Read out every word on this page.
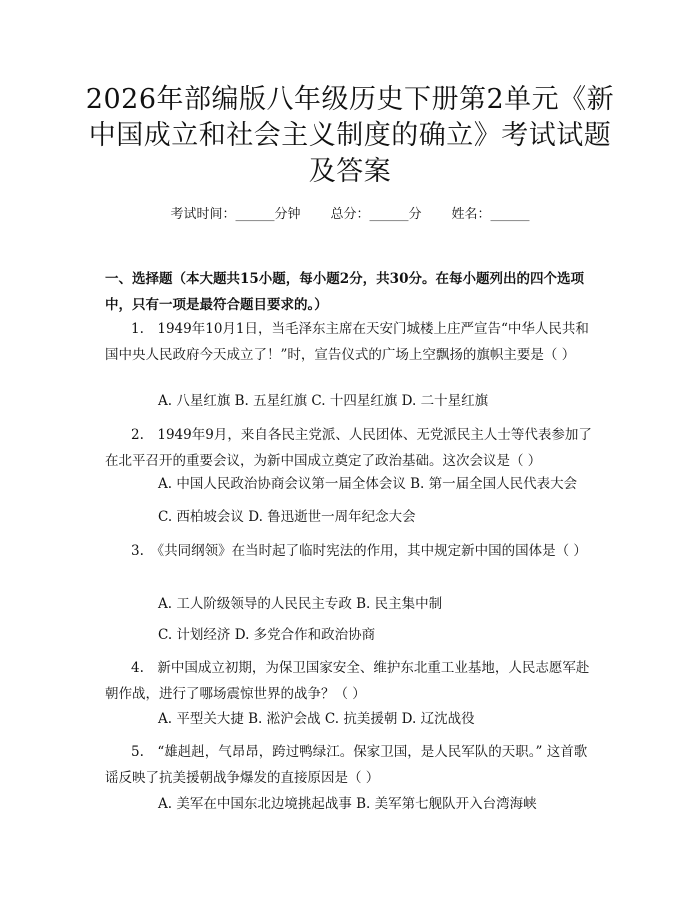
2026年部编版八年级历史下册第2单元《新
中国成立和社会主义制度的确立》考试试题
及答案
考试时间：______分钟 总分：______分 姓名：______
一、选择题（本大题共15小题，每小题2分，共30分。在每小题列出的四个选项中，只有一项是最符合题目要求的。）
1.　1949年10月1日，当毛泽东主席在天安门城楼上庄严宣告“中华人民共和国中央人民政府今天成立了！”时，宣告仪式的广场上空飘扬的旗帜主要是（ ）
A. 八星红旗 B. 五星红旗 C. 十四星红旗 D. 二十星红旗
2.　1949年9月，来自各民主党派、人民团体、无党派民主人士等代表参加了在北平召开的重要会议，为新中国成立奠定了政治基础。这次会议是（ ）
A. 中国人民政治协商会议第一届全体会议 B. 第一届全国人民代表大会
C. 西柏坡会议 D. 鲁迅逝世一周年纪念大会
3.　《共同纲领》在当时起了临时宪法的作用，其中规定新中国的国体是（ ）
A. 工人阶级领导的人民民主专政 B. 民主集中制
C. 计划经济 D. 多党合作和政治协商
4.　新中国成立初期，为保卫国家安全、维护东北重工业基地，人民志愿军赴朝作战，进行了哪场震惊世界的战争？（ ）
A. 平型关大捷 B. 淞沪会战 C. 抗美援朝 D. 辽沈战役
5.　“雄赳赳，气昂昂，跨过鸭绿江。保家卫国，是人民军队的天职。” 这首歌谣反映了抗美援朝战争爆发的直接原因是（ ）
A. 美军在中国东北边境挑起战事 B. 美军第七舰队开入台湾海峡
